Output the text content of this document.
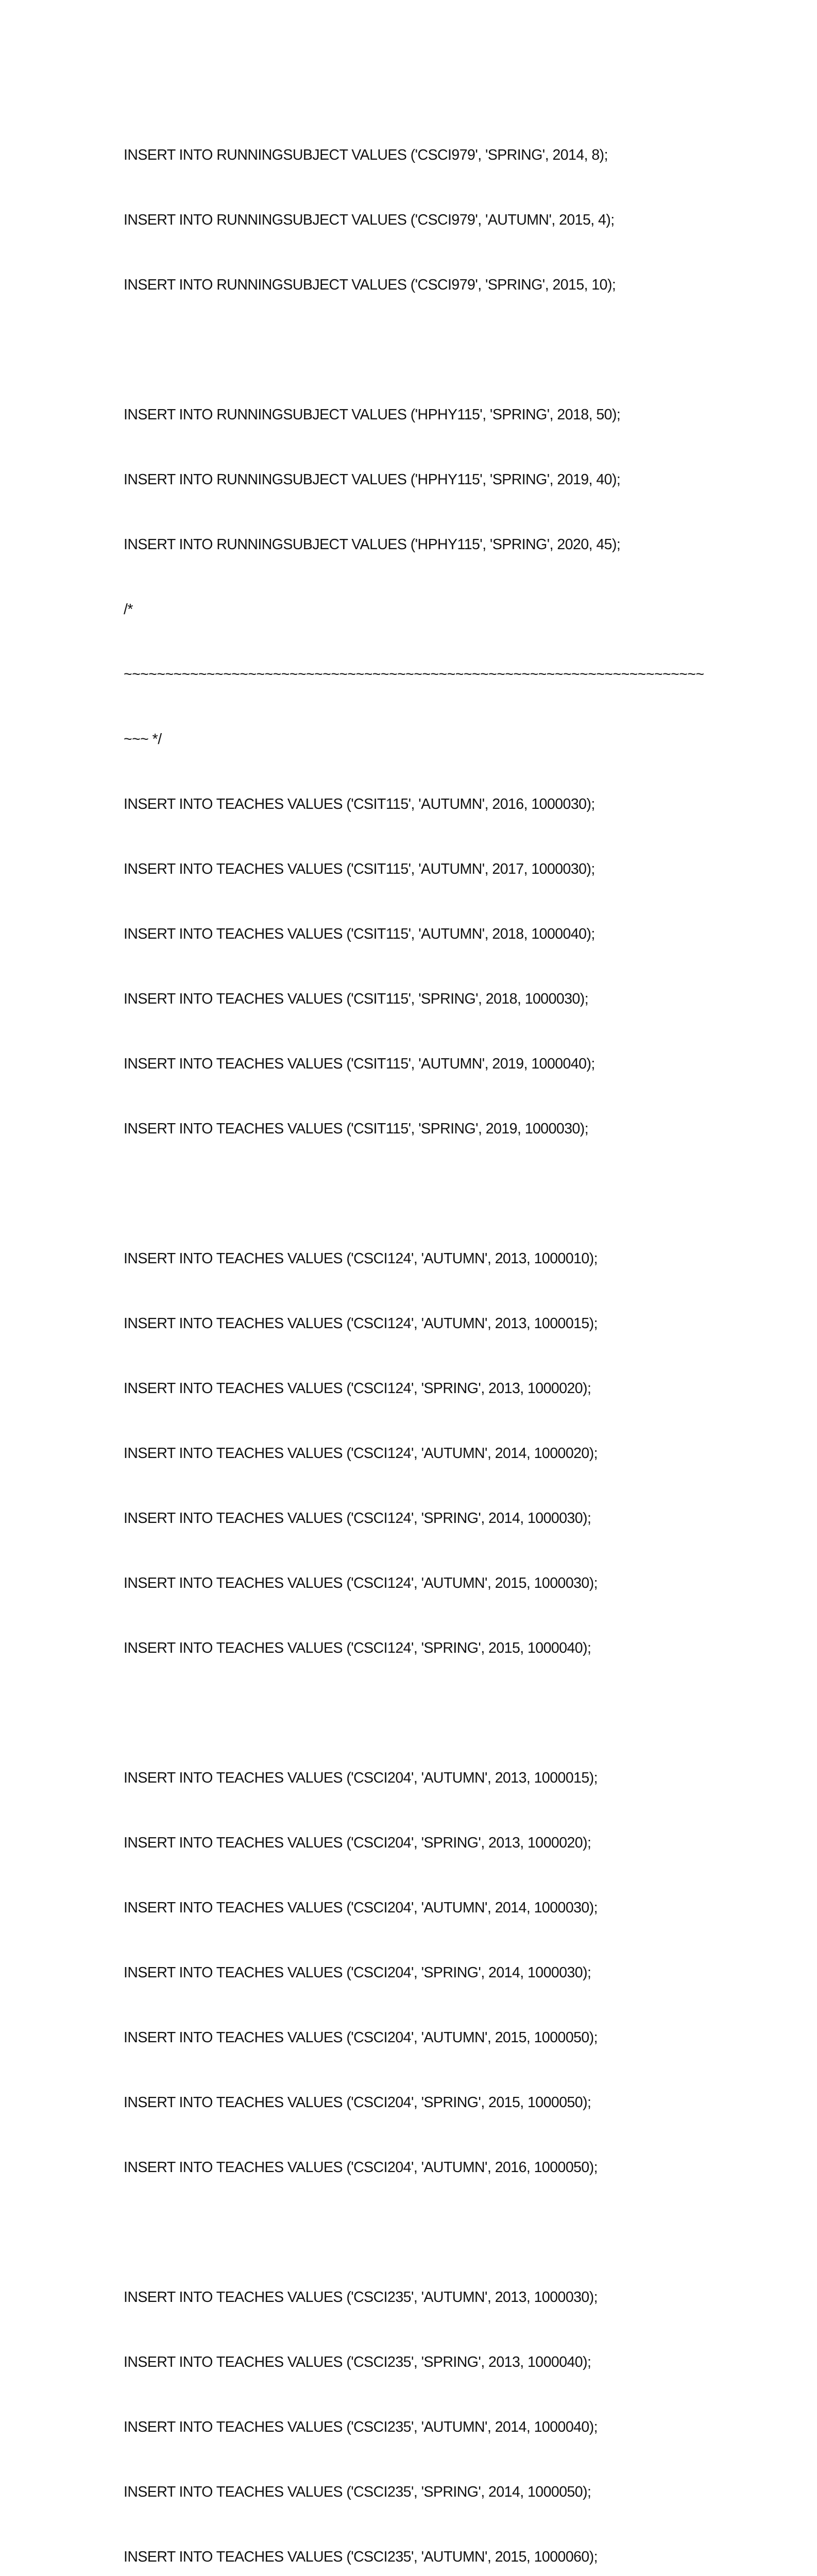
INSERT INTO RUNNINGSUBJECT VALUES ('CSCI979', 'SPRING', 2014, 8);

INSERT INTO RUNNINGSUBJECT VALUES ('CSCI979', 'AUTUMN', 2015, 4);

INSERT INTO RUNNINGSUBJECT VALUES ('CSCI979', 'SPRING', 2015, 10);

INSERT INTO RUNNINGSUBJECT VALUES ('HPHY115', 'SPRING', 2018, 50);

INSERT INTO RUNNINGSUBJECT VALUES ('HPHY115', 'SPRING', 2019, 40);

INSERT INTO RUNNINGSUBJECT VALUES ('HPHY115', 'SPRING', 2020, 45);

/*

~~~~~~~~~~~~~~~~~~~~~~~~~~~~~~~~~~~~~~~~~~~~~~~~~~~~~~~~~~~~~~~~~~~~~~

~~~ */

INSERT INTO TEACHES VALUES ('CSIT115', 'AUTUMN', 2016, 1000030);

INSERT INTO TEACHES VALUES ('CSIT115', 'AUTUMN', 2017, 1000030);

INSERT INTO TEACHES VALUES ('CSIT115', 'AUTUMN', 2018, 1000040);

INSERT INTO TEACHES VALUES ('CSIT115', 'SPRING', 2018, 1000030);

INSERT INTO TEACHES VALUES ('CSIT115', 'AUTUMN', 2019, 1000040);

INSERT INTO TEACHES VALUES ('CSIT115', 'SPRING', 2019, 1000030);

INSERT INTO TEACHES VALUES ('CSCI124', 'AUTUMN', 2013, 1000010);

INSERT INTO TEACHES VALUES ('CSCI124', 'AUTUMN', 2013, 1000015);

INSERT INTO TEACHES VALUES ('CSCI124', 'SPRING', 2013, 1000020);

INSERT INTO TEACHES VALUES ('CSCI124', 'AUTUMN', 2014, 1000020);

INSERT INTO TEACHES VALUES ('CSCI124', 'SPRING', 2014, 1000030);

INSERT INTO TEACHES VALUES ('CSCI124', 'AUTUMN', 2015, 1000030);

INSERT INTO TEACHES VALUES ('CSCI124', 'SPRING', 2015, 1000040);

INSERT INTO TEACHES VALUES ('CSCI204', 'AUTUMN', 2013, 1000015);

INSERT INTO TEACHES VALUES ('CSCI204', 'SPRING', 2013, 1000020);

INSERT INTO TEACHES VALUES ('CSCI204', 'AUTUMN', 2014, 1000030);

INSERT INTO TEACHES VALUES ('CSCI204', 'SPRING', 2014, 1000030);

INSERT INTO TEACHES VALUES ('CSCI204', 'AUTUMN', 2015, 1000050);

INSERT INTO TEACHES VALUES ('CSCI204', 'SPRING', 2015, 1000050);

INSERT INTO TEACHES VALUES ('CSCI204', 'AUTUMN', 2016, 1000050);

INSERT INTO TEACHES VALUES ('CSCI235', 'AUTUMN', 2013, 1000030);

INSERT INTO TEACHES VALUES ('CSCI235', 'SPRING', 2013, 1000040);

INSERT INTO TEACHES VALUES ('CSCI235', 'AUTUMN', 2014, 1000040);

INSERT INTO TEACHES VALUES ('CSCI235', 'SPRING', 2014, 1000050);

INSERT INTO TEACHES VALUES ('CSCI235', 'AUTUMN', 2015, 1000060);
